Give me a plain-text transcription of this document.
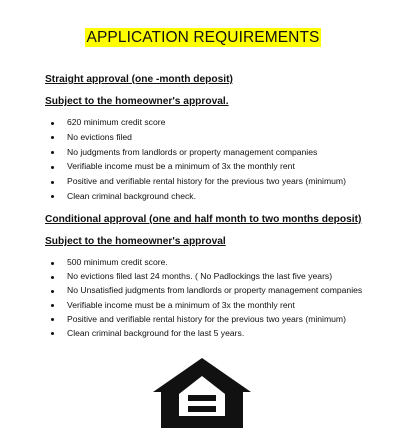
APPLICATION REQUIREMENTS

Straight approval (one -month deposit)

Subject to the homeowner's approval.

620 minimum credit score
No evictions filed
No judgments from landlords or property management companies
Verifiable income must be a minimum of 3x the monthly rent
Positive and verifiable rental history for the previous two years (minimum)
Clean criminal background check.

Conditional approval (one and half month to two months deposit)

Subject to the homeowner's approval

500 minimum credit score.
No evictions filed last 24 months. ( No Padlockings the last five years)
No Unsatisfied judgments from landlords or property management companies
Verifiable income must be a minimum of 3x the monthly rent
Positive and verifiable rental history for the previous two years (minimum)
Clean criminal background for the last 5 years.
